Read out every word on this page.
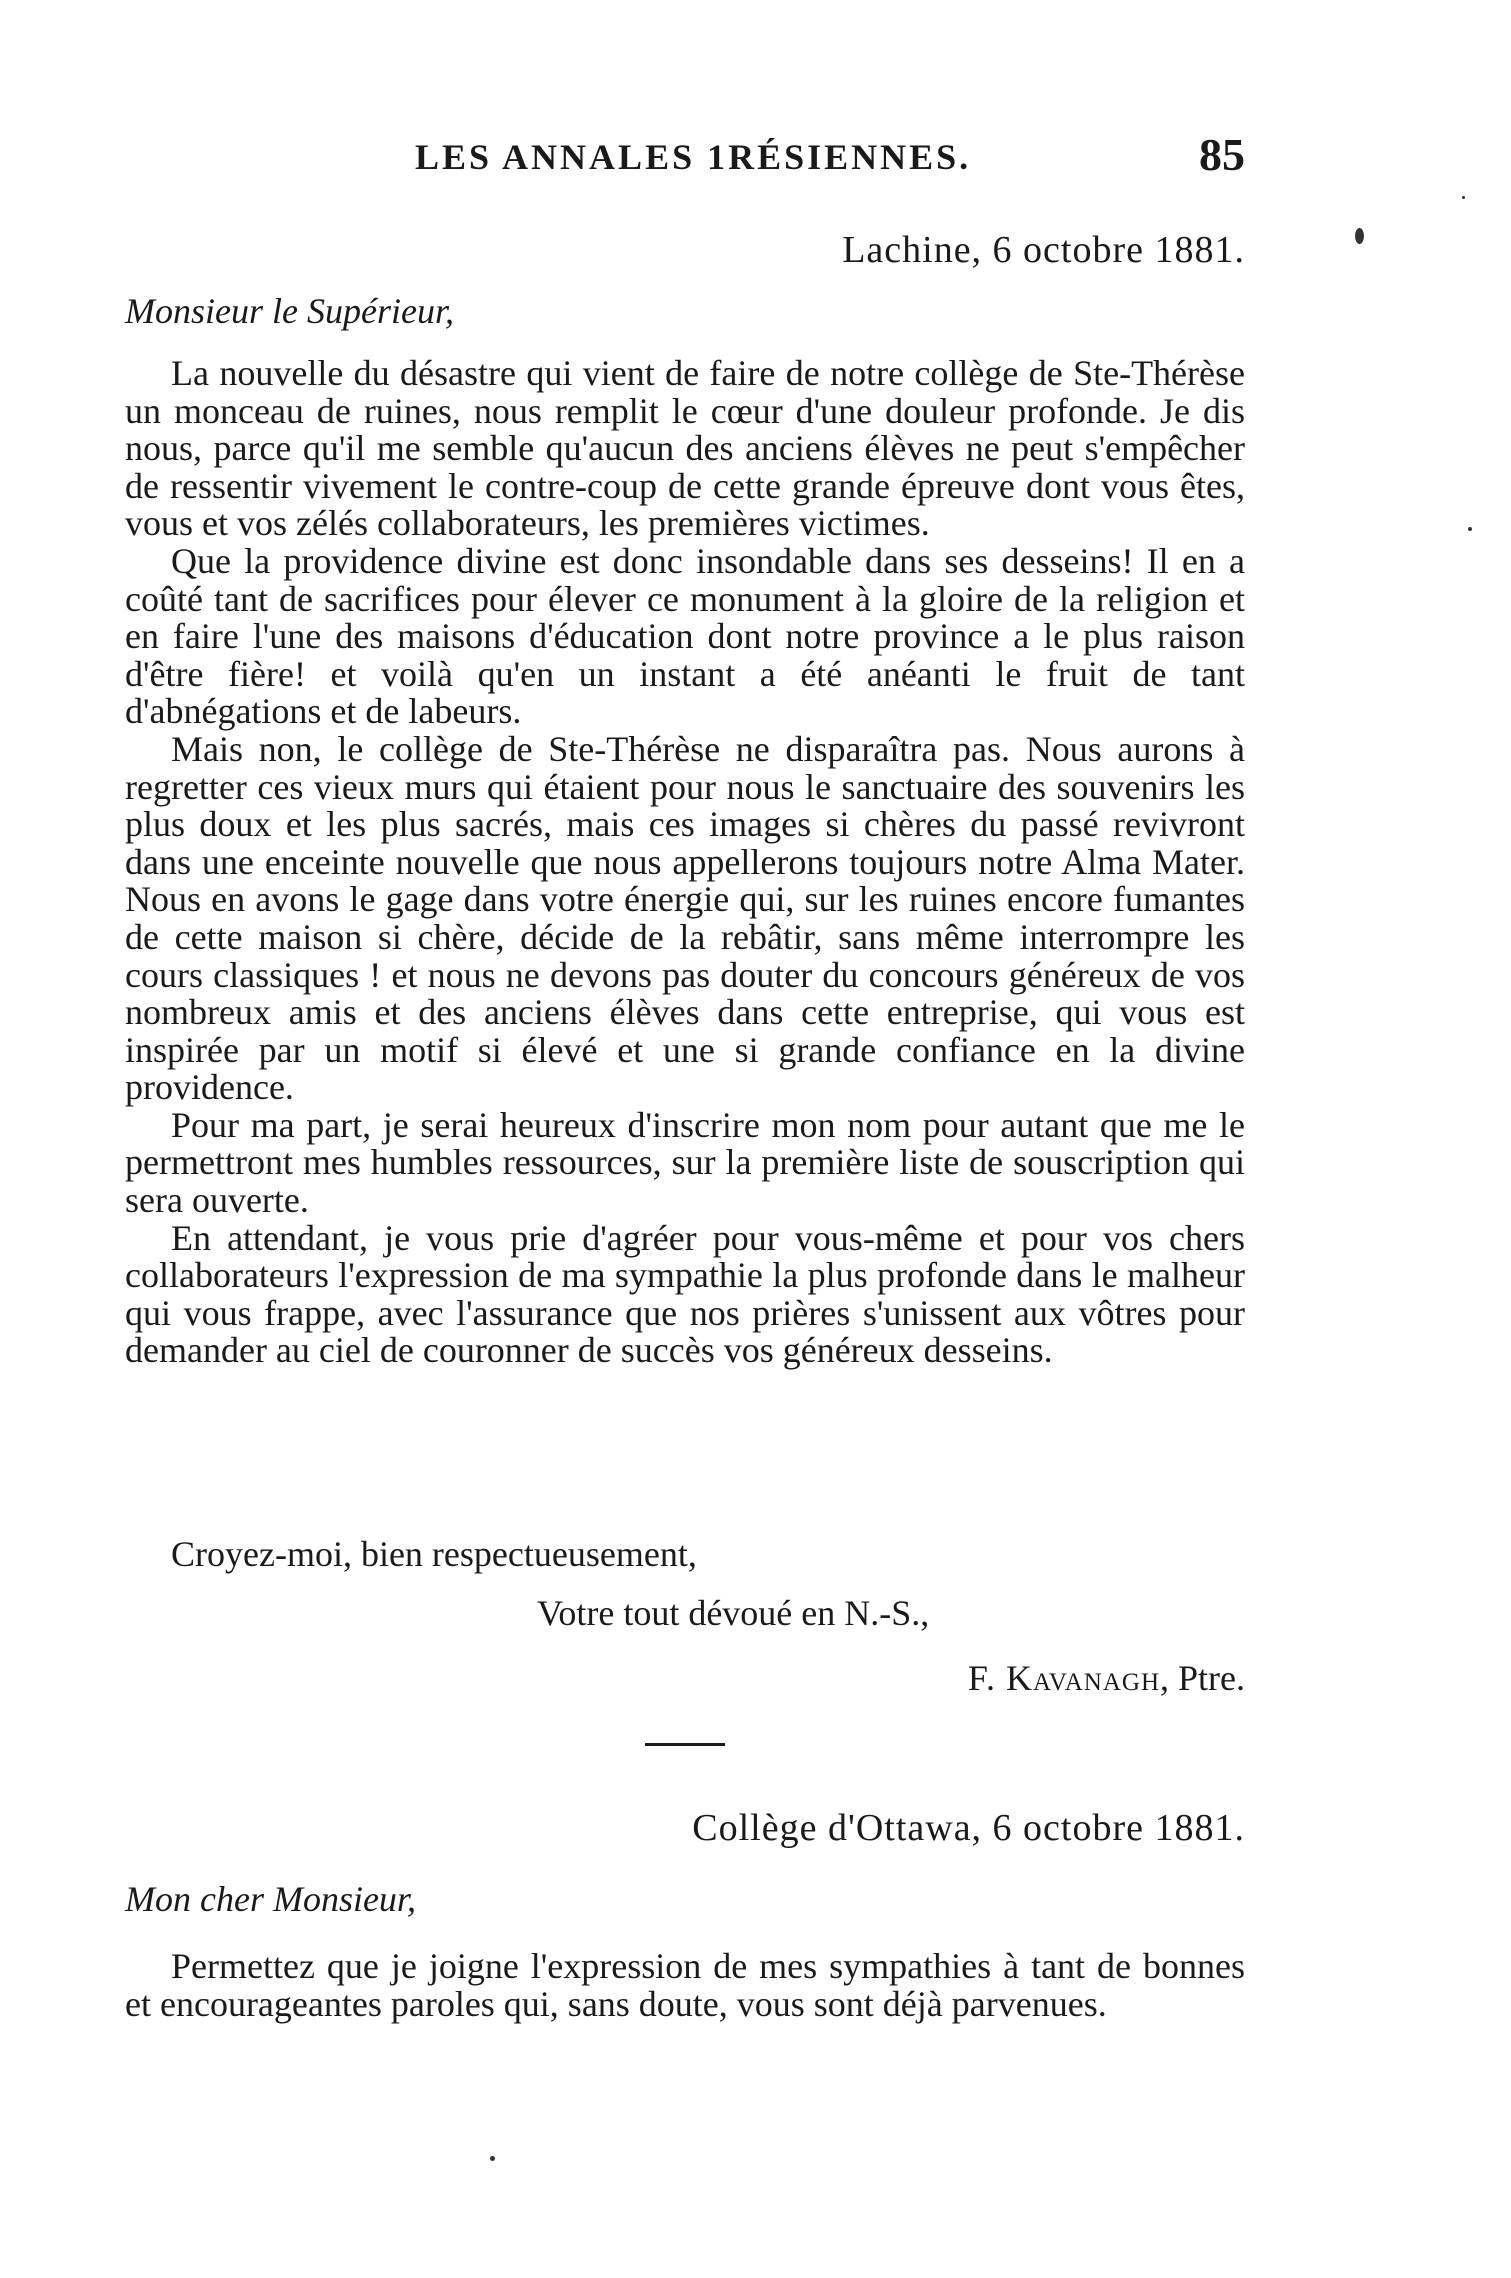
LES ANNALES 1RÉSIENNES.	85
Lachine, 6 octobre 1881.
Monsieur le Supérieur,

La nouvelle du désastre qui vient de faire de notre collège de Ste-Thérèse un monceau de ruines, nous remplit le cœur d'une douleur profonde. Je dis nous, parce qu'il me semble qu'aucun des anciens élèves ne peut s'empêcher de ressentir vivement le contre-coup de cette grande épreuve dont vous êtes, vous et vos zélés collaborateurs, les premières victimes.

Que la providence divine est donc insondable dans ses desseins! Il en a coûté tant de sacrifices pour élever ce monument à la gloire de la religion et en faire l'une des maisons d'éducation dont notre province a le plus raison d'être fière! et voilà qu'en un instant a été anéanti le fruit de tant d'abnégations et de labeurs.

Mais non, le collège de Ste-Thérèse ne disparaîtra pas. Nous aurons à regretter ces vieux murs qui étaient pour nous le sanctuaire des souvenirs les plus doux et les plus sacrés, mais ces images si chères du passé revivront dans une enceinte nouvelle que nous appellerons toujours notre Alma Mater. Nous en avons le gage dans votre énergie qui, sur les ruines encore fumantes de cette maison si chère, décide de la rebâtir, sans même interrompre les cours classiques ! et nous ne devons pas douter du concours généreux de vos nombreux amis et des anciens élèves dans cette entreprise, qui vous est inspirée par un motif si élevé et une si grande confiance en la divine providence.

Pour ma part, je serai heureux d'inscrire mon nom pour autant que me le permettront mes humbles ressources, sur la première liste de souscription qui sera ouverte.

En attendant, je vous prie d'agréer pour vous-même et pour vos chers collaborateurs l'expression de ma sympathie la plus profonde dans le malheur qui vous frappe, avec l'assurance que nos prières s'unissent aux vôtres pour demander au ciel de couronner de succès vos généreux desseins.

Croyez-moi, bien respectueusement,
Votre tout dévoué en N.-S.,
F. Kavanagh, Ptre.
Collège d'Ottawa, 6 octobre 1881.
Mon cher Monsieur,

Permettez que je joigne l'expression de mes sympathies à tant de bonnes et encourageantes paroles qui, sans doute, vous sont déjà parvenues.
